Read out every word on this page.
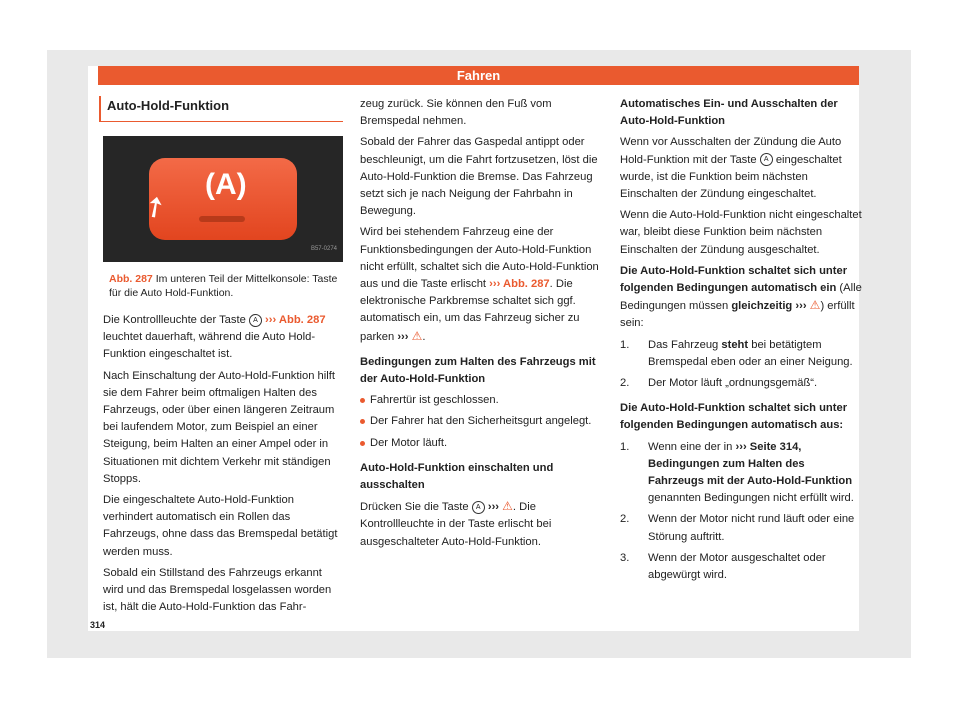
Fahren
Auto-Hold-Funktion
(A)
➚
B57-0274
Abb. 287 Im unteren Teil der Mittelkonsole: Taste für die Auto Hold-Funktion.

Die Kontrollleuchte der Taste A ››› Abb. 287 leuchtet dauerhaft, während die Auto Hold-Funktion eingeschaltet ist.

Nach Einschaltung der Auto-Hold-Funktion hilft sie dem Fahrer beim oftmaligen Halten des Fahrzeugs, oder über einen längeren Zeitraum bei laufendem Motor, zum Beispiel an einer Steigung, beim Halten an einer Ampel oder in Situationen mit dichtem Verkehr mit ständigen Stopps.

Die eingeschaltete Auto-Hold-Funktion verhindert automatisch ein Rollen das Fahrzeugs, ohne dass das Bremspedal betätigt werden muss.

Sobald ein Stillstand des Fahrzeugs erkannt wird und das Bremspedal losgelassen worden ist, hält die Auto-Hold-Funktion das Fahr-

zeug zurück. Sie können den Fuß vom Bremspedal nehmen.

Sobald der Fahrer das Gaspedal antippt oder beschleunigt, um die Fahrt fortzusetzen, löst die Auto-Hold-Funktion die Bremse. Das Fahrzeug setzt sich je nach Neigung der Fahrbahn in Bewegung.

Wird bei stehendem Fahrzeug eine der Funktionsbedingungen der Auto-Hold-Funktion nicht erfüllt, schaltet sich die Auto-Hold-Funktion aus und die Taste erlischt ››› Abb. 287. Die elektronische Parkbremse schaltet sich ggf. automatisch ein, um das Fahrzeug sicher zu parken ››› ⚠.

Bedingungen zum Halten des Fahrzeugs mit der Auto-Hold-Funktion

Fahrertür ist geschlossen.

Der Fahrer hat den Sicherheitsgurt angelegt.

Der Motor läuft.

Auto-Hold-Funktion einschalten und ausschalten

Drücken Sie die Taste A ››› ⚠. Die Kontrollleuchte in der Taste erlischt bei ausgeschalteter Auto-Hold-Funktion.

Automatisches Ein- und Ausschalten der Auto-Hold-Funktion

Wenn vor Ausschalten der Zündung die Auto Hold-Funktion mit der Taste A eingeschaltet wurde, ist die Funktion beim nächsten Einschalten der Zündung eingeschaltet.

Wenn die Auto-Hold-Funktion nicht eingeschaltet war, bleibt diese Funktion beim nächsten Einschalten der Zündung ausgeschaltet.

Die Auto-Hold-Funktion schaltet sich unter folgenden Bedingungen automatisch ein (Alle Bedingungen müssen gleichzeitig ››› ⚠) erfüllt sein:

1. Das Fahrzeug steht bei betätigtem Bremspedal eben oder an einer Neigung.

2. Der Motor läuft „ordnungsgemäß“.

Die Auto-Hold-Funktion schaltet sich unter folgenden Bedingungen automatisch aus:

1. Wenn eine der in ››› Seite 314, Bedingungen zum Halten des Fahrzeugs mit der Auto-Hold-Funktion genannten Bedingungen nicht erfüllt wird.

2. Wenn der Motor nicht rund läuft oder eine Störung auftritt.

3. Wenn der Motor ausgeschaltet oder abgewürgt wird.

314
